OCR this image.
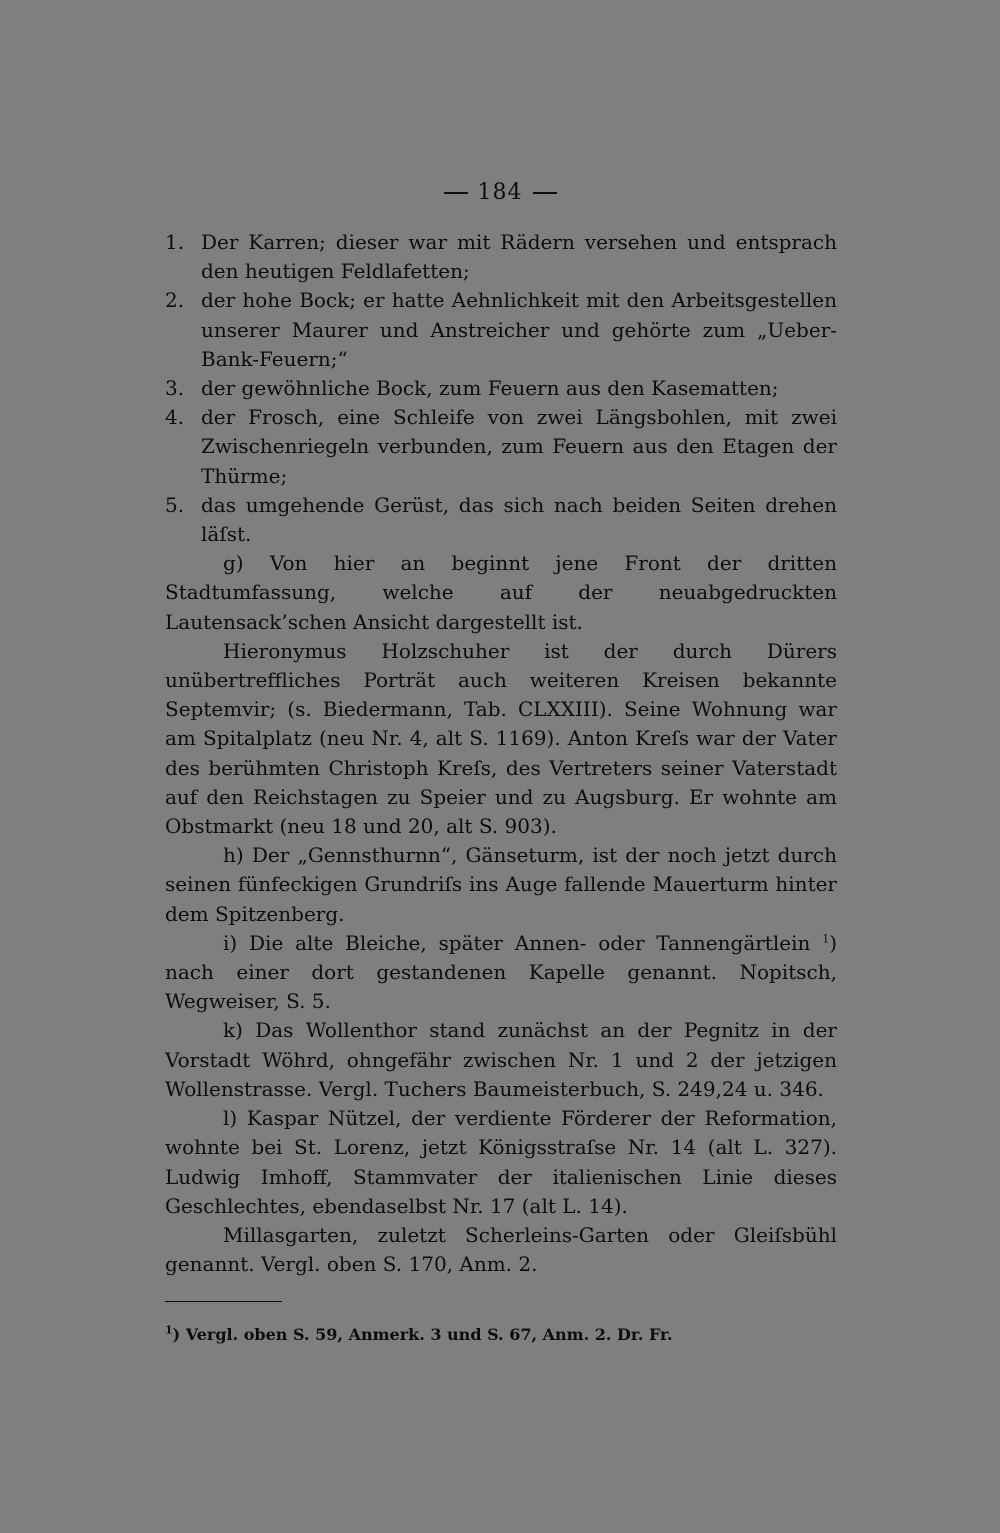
184
1. Der Karren; dieser war mit Rädern versehen und entsprach den heutigen Feldlafetten;
2. der hohe Bock; er hatte Aehnlichkeit mit den Arbeitsgestellen unserer Maurer und Anstreicher und gehörte zum „Ueber-Bank-Feuern;“
3. der gewöhnliche Bock, zum Feuern aus den Kasematten;
4. der Frosch, eine Schleife von zwei Längsbohlen, mit zwei Zwischenriegeln verbunden, zum Feuern aus den Etagen der Thürme;
5. das umgehende Gerüst, das sich nach beiden Seiten drehen läſst.

g) Von hier an beginnt jene Front der dritten Stadtumfassung, welche auf der neuabgedruckten Lautensack’schen Ansicht dargestellt ist.

Hieronymus Holzschuher ist der durch Dürers unübertreffliches Porträt auch weiteren Kreisen bekannte Septemvir; (s. Biedermann, Tab. CLXXIII). Seine Wohnung war am Spitalplatz (neu Nr. 4, alt S. 1169). Anton Kreſs war der Vater des berühmten Christoph Kreſs, des Vertreters seiner Vaterstadt auf den Reichstagen zu Speier und zu Augsburg. Er wohnte am Obstmarkt (neu 18 und 20, alt S. 903).

h) Der „Gennsthurnn“, Gänseturm, ist der noch jetzt durch seinen fünfeckigen Grundriſs ins Auge fallende Mauerturm hinter dem Spitzenberg.

i) Die alte Bleiche, später Annen- oder Tannengärtlein $^1$) nach einer dort gestandenen Kapelle genannt. Nopitsch, Wegweiser, S. 5.

k) Das Wollenthor stand zunächst an der Pegnitz in der Vorstadt Wöhrd, ohngefähr zwischen Nr. 1 und 2 der jetzigen Wollenstrasse. Vergl. Tuchers Baumeisterbuch, S. 249,24 u. 346.

l) Kaspar Nützel, der verdiente Förderer der Reformation, wohnte bei St. Lorenz, jetzt Königsstraſse Nr. 14 (alt L. 327). Ludwig Imhoff, Stammvater der italienischen Linie dieses Geschlechtes, ebendaselbst Nr. 17 (alt L. 14).

Millasgarten, zuletzt Scherleins-Garten oder Gleiſsbühl genannt. Vergl. oben S. 170, Anm. 2.

$^1$) Vergl. oben S. 59, Anmerk. 3 und S. 67, Anm. 2. Dr. Fr.
